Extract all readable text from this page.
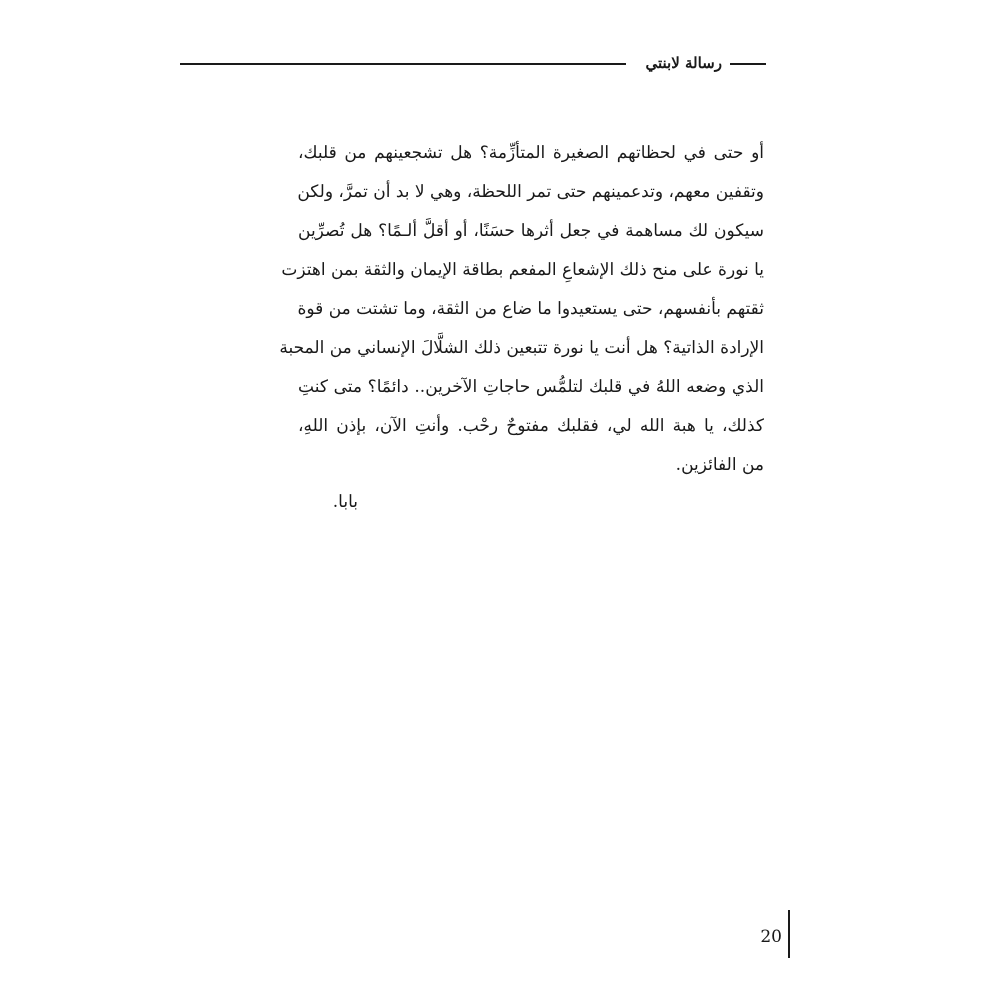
رسالة لابنتي
أو حتى في لحظاتهم الصغيرة المتأزِّمة؟ هل تشجعينهم من قلبك،
وتقفين معهم، وتدعمينهم حتى تمر اللحظة، وهي لا بد أن تمرَّ، ولكن
سيكون لك مساهمة في جعل أثرها حسَنًا، أو أقلَّ ألـمًا؟ هل تُصرِّين
يا نورة على منح ذلك الإشعاعِ المفعم بطاقة الإيمان والثقة بمن اهتزت
ثقتهم بأنفسهم، حتى يستعيدوا ما ضاع من الثقة، وما تشتت من قوة
الإرادة الذاتية؟ هل أنت يا نورة تتبعين ذلك الشلَّالَ الإنساني من المحبة
الذي وضعه اللهُ في قلبك لتلمُّس حاجاتِ الآخرين.. دائمًا؟ متى كنتِ
كذلك، يا هبة الله لي، فقلبك مفتوحٌ رحْب. وأنتِ الآن، بإذن اللهِ،
من الفائزين.
بابا.
20
